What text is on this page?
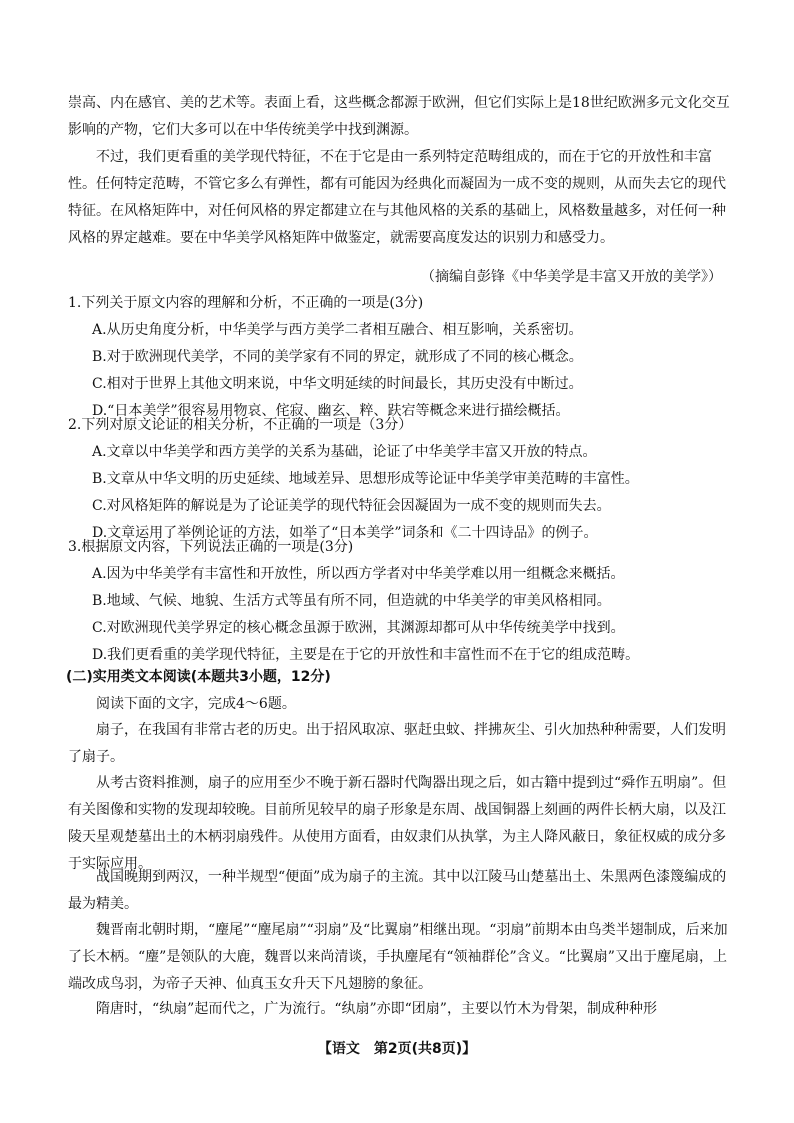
崇高、内在感官、美的艺术等。表面上看，这些概念都源于欧洲，但它们实际上是18世纪欧洲多元文化交互影响的产物，它们大多可以在中华传统美学中找到渊源。

不过，我们更看重的美学现代特征，不在于它是由一系列特定范畴组成的，而在于它的开放性和丰富性。任何特定范畴，不管它多么有弹性，都有可能因为经典化而凝固为一成不变的规则，从而失去它的现代特征。在风格矩阵中，对任何风格的界定都建立在与其他风格的关系的基础上，风格数量越多，对任何一种风格的界定越难。要在中华美学风格矩阵中做鉴定，就需要高度发达的识别力和感受力。

（摘编自彭锋《中华美学是丰富又开放的美学》）

1.下列关于原文内容的理解和分析，不正确的一项是(3分)
A.从历史角度分析，中华美学与西方美学二者相互融合、相互影响，关系密切。
B.对于欧洲现代美学，不同的美学家有不同的界定，就形成了不同的核心概念。
C.相对于世界上其他文明来说，中华文明延续的时间最长，其历史没有中断过。
D.“日本美学”很容易用物哀、侘寂、幽玄、粹、趺宕等概念来进行描绘概括。
2.下列对原文论证的相关分析，不正确的一项是（3分）
A.文章以中华美学和西方美学的关系为基础，论证了中华美学丰富又开放的特点。
B.文章从中华文明的历史延续、地域差异、思想形成等论证中华美学审美范畴的丰富性。
C.对风格矩阵的解说是为了论证美学的现代特征会因凝固为一成不变的规则而失去。
D.文章运用了举例论证的方法，如举了“日本美学”词条和《二十四诗品》的例子。
3.根据原文内容，下列说法正确的一项是(3分)
A.因为中华美学有丰富性和开放性，所以西方学者对中华美学难以用一组概念来概括。
B.地域、气候、地貌、生活方式等虽有所不同，但造就的中华美学的审美风格相同。
C.对欧洲现代美学界定的核心概念虽源于欧洲，其渊源却都可从中华传统美学中找到。
D.我们更看重的美学现代特征，主要是在于它的开放性和丰富性而不在于它的组成范畴。

(二)实用类文本阅读(本题共3小题，12分)

阅读下面的文字，完成4～6题。

扇子，在我国有非常古老的历史。出于招风取凉、驱赶虫蚊、拌拂灰尘、引火加热种种需要，人们发明了扇子。

从考古资料推测，扇子的应用至少不晚于新石器时代陶器出现之后，如古籍中提到过“舜作五明扇”。但有关图像和实物的发现却较晚。目前所见较早的扇子形象是东周、战国铜器上刻画的两件长柄大扇，以及江陵天星观楚墓出土的木柄羽扇残件。从使用方面看，由奴隶们从执掌，为主人降风蔽日，象征权威的成分多于实际应用。

战国晚期到两汉，一种半规型“便面”成为扇子的主流。其中以江陵马山楚墓出土、朱黑两色漆篾编成的最为精美。

魏晋南北朝时期，“麈尾”“麈尾扇”“羽扇”及“比翼扇”相继出现。“羽扇”前期本由鸟类半翅制成，后来加了长木柄。“麈”是领队的大鹿，魏晋以来尚清谈，手执麈尾有“领袖群伦”含义。“比翼扇”又出于麈尾扇，上端改成鸟羽，为帝子天神、仙真玉女升天下凡翅膀的象征。

隋唐时，“纨扇”起而代之，广为流行。“纨扇”亦即“团扇”，主要以竹木为骨架，制成种种形

【语文　第2页(共8页)】
